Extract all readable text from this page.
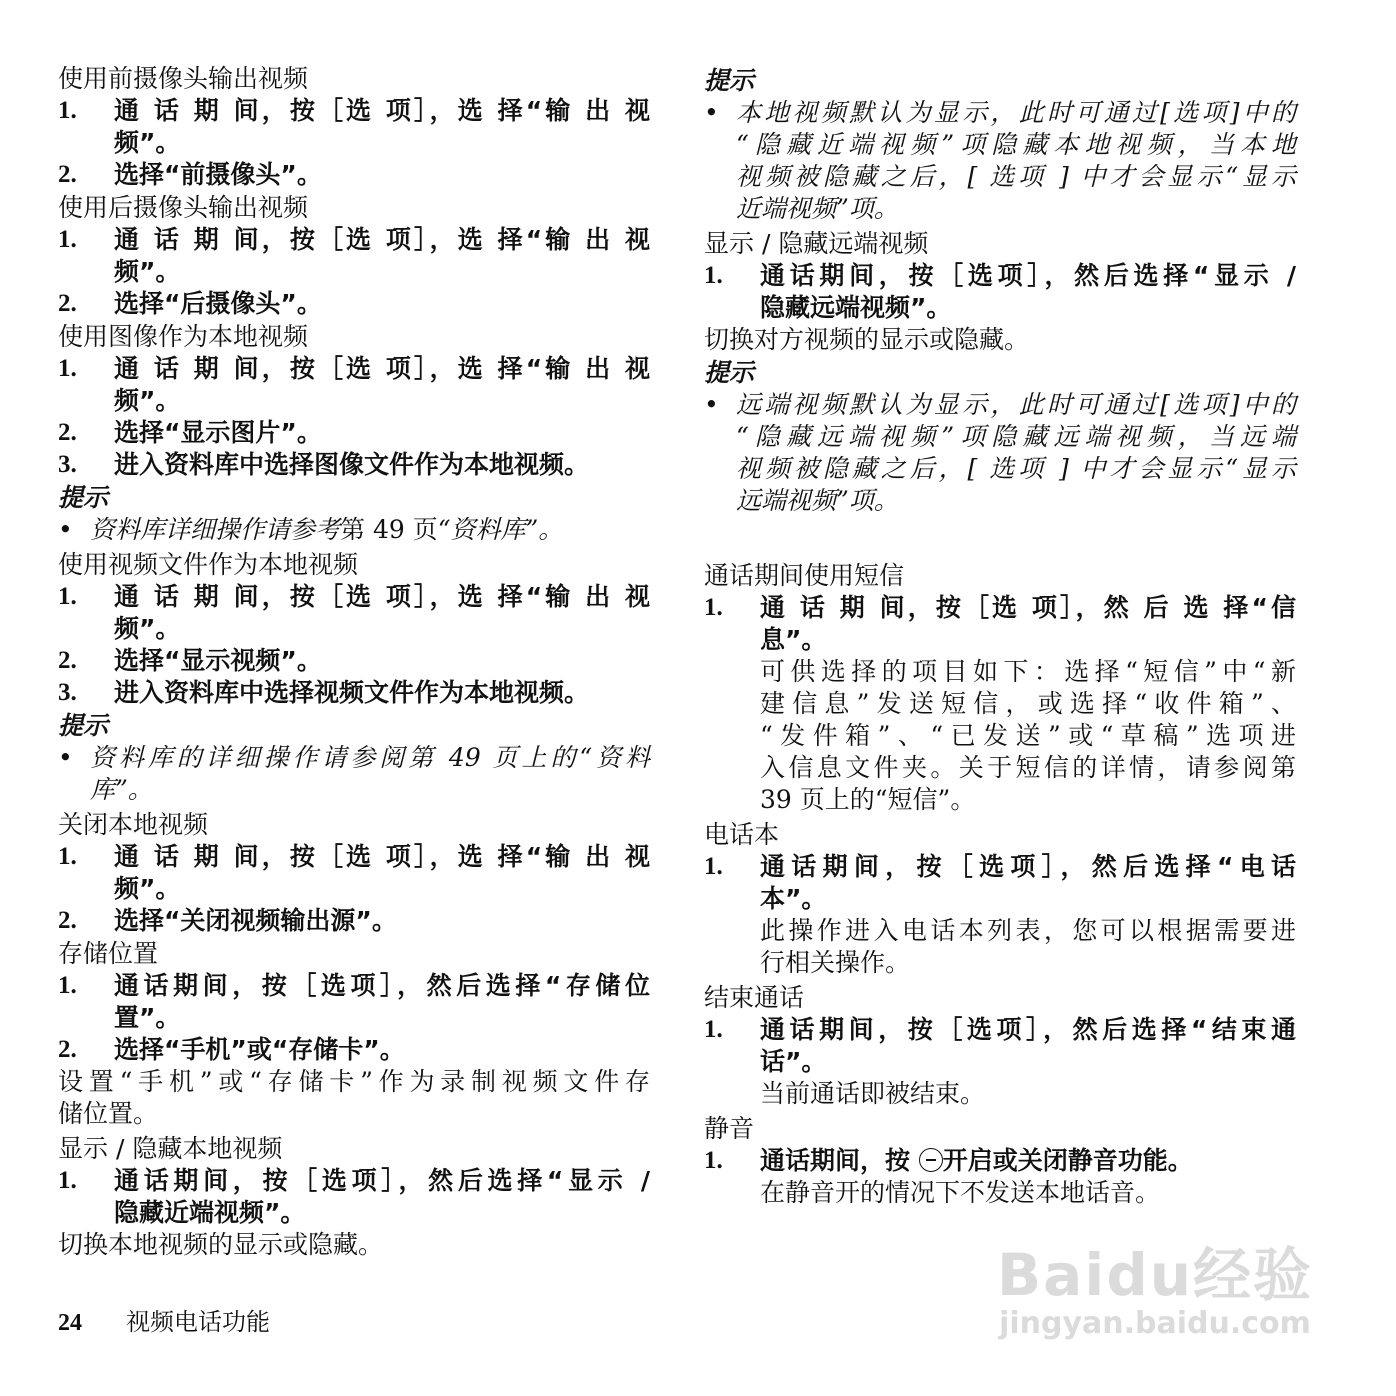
使用前摄像头输出视频
1. 通 话 期 间，按［选 项］，选 择“输 出 视
频”。
2. 选择“前摄像头”。
使用后摄像头输出视频
1. 通 话 期 间，按［选 项］，选 择“输 出 视
频”。
2. 选择“后摄像头”。
使用图像作为本地视频
1. 通 话 期 间，按［选 项］，选 择“输 出 视
频”。
2. 选择“显示图片”。
3. 进入资料库中选择图像文件作为本地视频。
提示
• 资料库详细操作请参考第 49 页“资料库”。
使用视频文件作为本地视频
1. 通 话 期 间，按［选 项］，选 择“输 出 视
频”。
2. 选择“显示视频”。
3. 进入资料库中选择视频文件作为本地视频。
提示
• 资料库的详细操作请参阅第 49 页上的“资料
库”。
关闭本地视频
1. 通 话 期 间，按［选 项］，选 择“输 出 视
频”。
2. 选择“关闭视频输出源”。
存储位置
1. 通话期间，按［选项］，然后选择“存储位
置”。
2. 选择“手机”或“存储卡”。
设置“手机”或“存储卡”作为录制视频文件存
储位置。
显示 / 隐藏本地视频
1. 通话期间，按［选项］，然后选择“显示 /
隐藏近端视频”。
切换本地视频的显示或隐藏。
提示
• 本地视频默认为显示，此时可通过[选项]中的
“隐藏近端视频”项隐藏本地视频，当本地
视频被隐藏之后，[ 选项 ] 中才会显示“显示
近端视频”项。
显示 / 隐藏远端视频
1. 通话期间，按［选项］，然后选择“显示 /
隐藏远端视频”。
切换对方视频的显示或隐藏。
提示
• 远端视频默认为显示，此时可通过[选项]中的
“隐藏远端视频”项隐藏远端视频，当远端
视频被隐藏之后，[ 选项 ] 中才会显示“显示
远端视频”项。
通话期间使用短信
1. 通 话 期 间，按［选 项］，然 后 选 择“信
息”。
可供选择的项目如下：选择“短信”中“新
建信息”发送短信，或选择“收件箱”、
“发件箱”、“已发送”或“草稿”选项进
入信息文件夹。关于短信的详情，请参阅第
39 页上的“短信”。
电话本
1. 通话期间，按［选项］，然后选择“电话
本”。
此操作进入电话本列表，您可以根据需要进
行相关操作。
结束通话
1. 通话期间，按［选项］，然后选择“结束通
话”。
当前通话即被结束。
静音
1. 通话期间，按 开启或关闭静音功能。
在静音开的情况下不发送本地话音。
24 视频电话功能
Baidu经验
jingyan.baidu.com
